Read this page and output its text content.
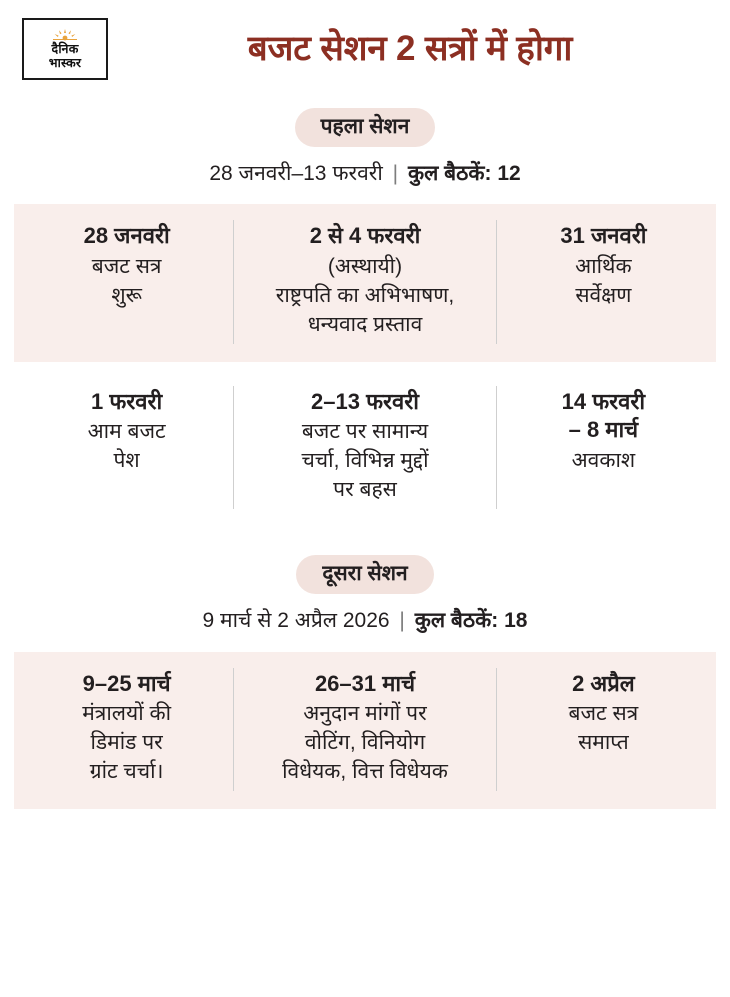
दैनिक
भास्कर	बजट सेशन 2 सत्रों में होगा
पहला सेशन
28 जनवरी–13 फरवरी | कुल बैठकें: 12
28 जनवरी
बजट सत्र
शुरू
2 से 4 फरवरी
(अस्थायी)
राष्ट्रपति का अभिभाषण,
धन्यवाद प्रस्ताव
31 जनवरी
आर्थिक
सर्वेक्षण
1 फरवरी
आम बजट
पेश
2–13 फरवरी
बजट पर सामान्य
चर्चा, विभिन्न मुद्दों
पर बहस
14 फरवरी
– 8 मार्च
अवकाश
दूसरा सेशन
9 मार्च से 2 अप्रैल 2026 | कुल बैठकें: 18
9–25 मार्च
मंत्रालयों की
डिमांड पर
ग्रांट चर्चा।
26–31 मार्च
अनुदान मांगों पर
वोटिंग, विनियोग
विधेयक, वित्त विधेयक
2 अप्रैल
बजट सत्र
समाप्त
